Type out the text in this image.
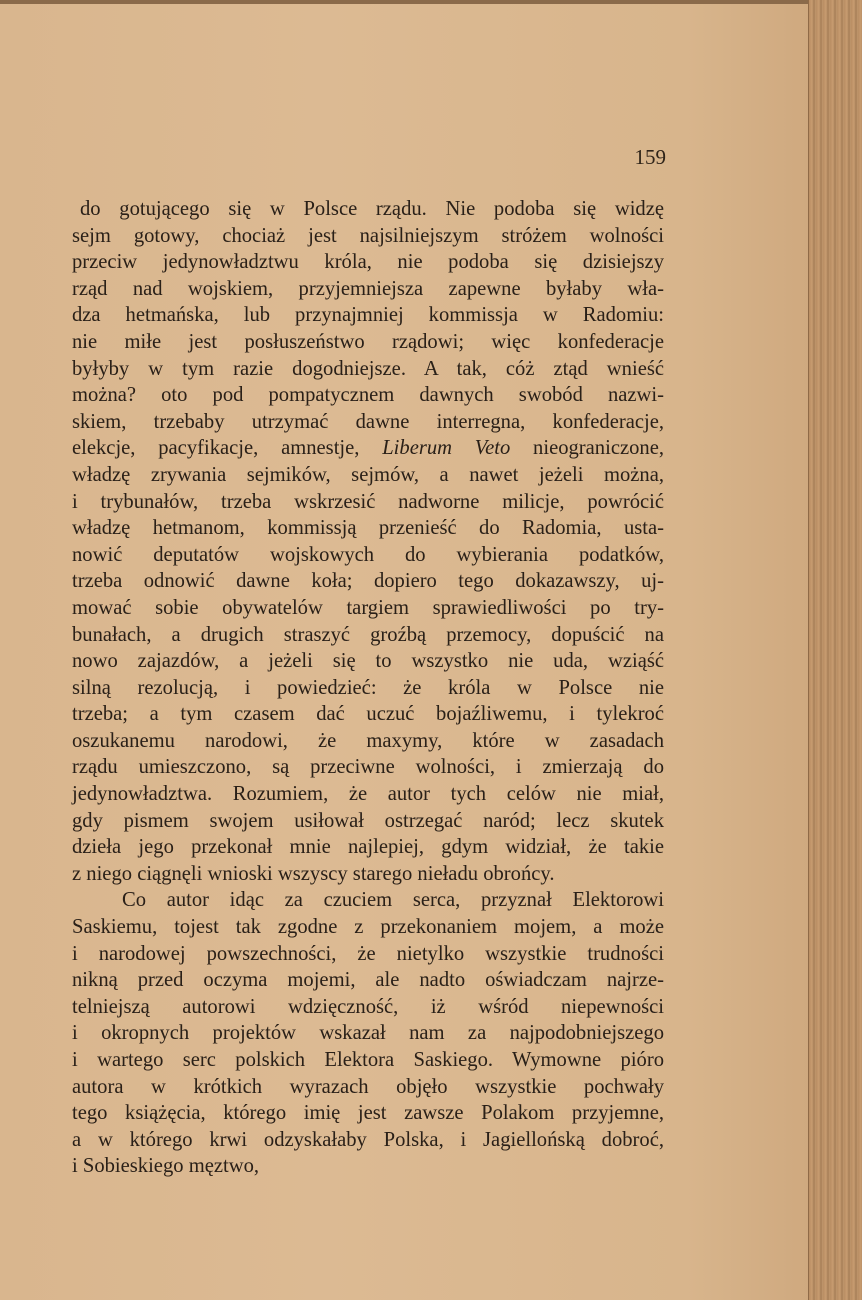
159
do gotującego się w Polsce rządu. Nie podoba się widzę
sejm gotowy, chociaż jest najsilniejszym stróżem wolności
przeciw jedynowładztwu króla, nie podoba się dzisiejszy
rząd nad wojskiem, przyjemniejsza zapewne byłaby wła-
dza hetmańska, lub przynajmniej kommissja w Radomiu:
nie miłe jest posłuszeństwo rządowi; więc konfederacje
byłyby w tym razie dogodniejsze. A tak, cóż ztąd wnieść
można? oto pod pompatycznem dawnych swobód nazwi-
skiem, trzebaby utrzymać dawne interregna, konfederacje,
elekcje, pacyfikacje, amnestje, Liberum Veto nieograniczone,
władzę zrywania sejmików, sejmów, a nawet jeżeli można,
i trybunałów, trzeba wskrzesić nadworne milicje, powrócić
władzę hetmanom, kommissją przenieść do Radomia, usta-
nowić deputatów wojskowych do wybierania podatków,
trzeba odnowić dawne koła; dopiero tego dokazawszy, uj-
mować sobie obywatelów targiem sprawiedliwości po try-
bunałach, a drugich straszyć groźbą przemocy, dopuścić na
nowo zajazdów, a jeżeli się to wszystko nie uda, wziąść
silną rezolucją, i powiedzieć: że króla w Polsce nie
trzeba; a tym czasem dać uczuć bojaźliwemu, i tylekroć
oszukanemu narodowi, że maxymy, które w zasadach
rządu umieszczono, są przeciwne wolności, i zmierzają do
jedynowładztwa. Rozumiem, że autor tych celów nie miał,
gdy pismem swojem usiłował ostrzegać naród; lecz skutek
dzieła jego przekonał mnie najlepiej, gdym widział, że takie
z niego ciągnęli wnioski wszyscy starego nieładu obrońcy.
Co autor idąc za czuciem serca, przyznał Elektorowi
Saskiemu, tojest tak zgodne z przekonaniem mojem, a może
i narodowej powszechności, że nietylko wszystkie trudności
nikną przed oczyma mojemi, ale nadto oświadczam najrze-
telniejszą autorowi wdzięczność, iż wśród niepewności
i okropnych projektów wskazał nam za najpodobniejszego
i wartego serc polskich Elektora Saskiego. Wymowne pióro
autora w krótkich wyrazach objęło wszystkie pochwały
tego książęcia, którego imię jest zawsze Polakom przyjemne,
a w którego krwi odzyskałaby Polska, i Jagiellońską dobroć,
i Sobieskiego męztwo,
